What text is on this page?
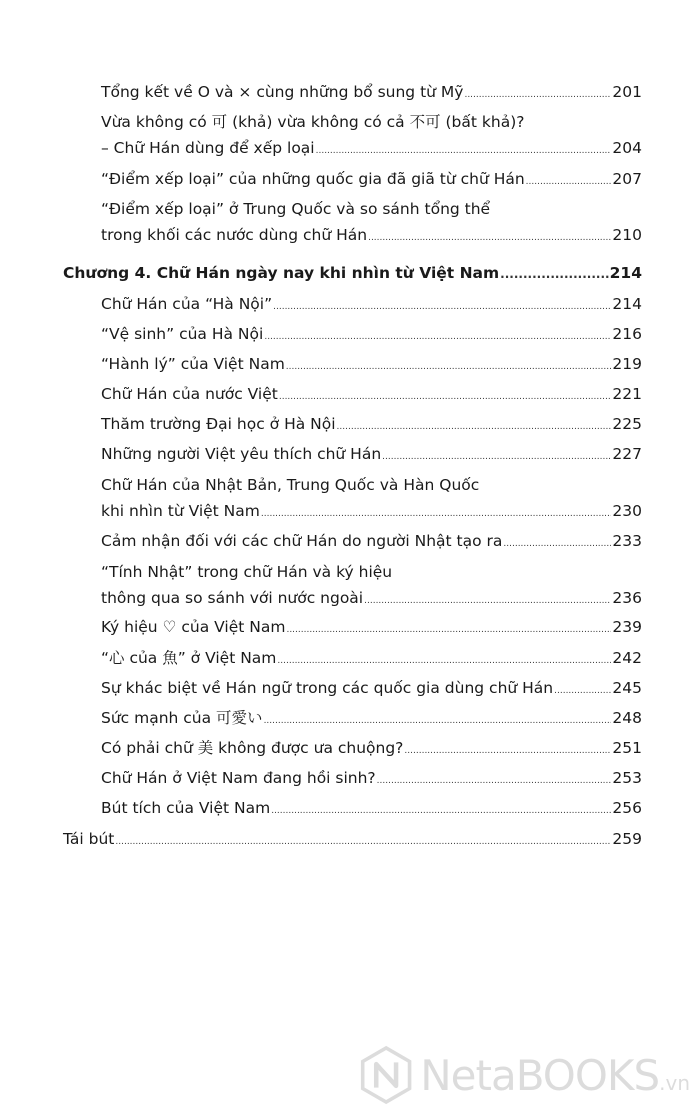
Tổng kết về O và × cùng những bổ sung từ Mỹ .....	201
Vừa không có 可 (khả) vừa không có cả 不可 (bất khả)?
– Chữ Hán dùng để xếp loại .....	204
“Điểm xếp loại” của những quốc gia đã giã từ chữ Hán .....	207
“Điểm xếp loại” ở Trung Quốc và so sánh tổng thể
trong khối các nước dùng chữ Hán .....	210
Chương 4. Chữ Hán ngày nay khi nhìn từ Việt Nam .....	214
Chữ Hán của “Hà Nội” .....	214
“Vệ sinh” của Hà Nội .....	216
“Hành lý” của Việt Nam .....	219
Chữ Hán của nước Việt .....	221
Thăm trường Đại học ở Hà Nội .....	225
Những người Việt yêu thích chữ Hán .....	227
Chữ Hán của Nhật Bản, Trung Quốc và Hàn Quốc
khi nhìn từ Việt Nam .....	230
Cảm nhận đối với các chữ Hán do người Nhật tạo ra .....	233
“Tính Nhật” trong chữ Hán và ký hiệu
thông qua so sánh với nước ngoài .....	236
Ký hiệu ♡ của Việt Nam .....	239
“心 của 魚” ở Việt Nam .....	242
Sự khác biệt về Hán ngữ trong các quốc gia dùng chữ Hán .....	245
Sức mạnh của 可愛い .....	248
Có phải chữ 美 không được ưa chuộng? .....	251
Chữ Hán ở Việt Nam đang hồi sinh? .....	253
Bút tích của Việt Nam .....	256
Tái bút .....	259
NetaBOOKS.vn
